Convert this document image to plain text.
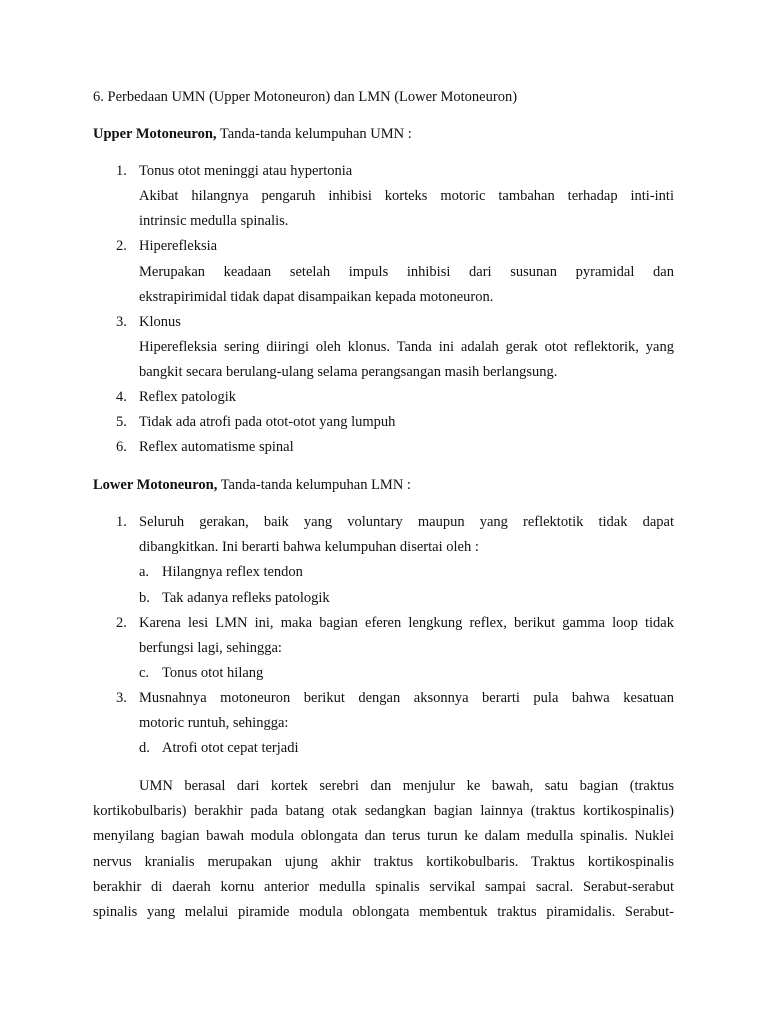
6. Perbedaan UMN (Upper Motoneuron) dan LMN (Lower Motoneuron)
Upper Motoneuron, Tanda-tanda kelumpuhan UMN :
1. Tonus otot meninggi atau hypertonia
Akibat hilangnya pengaruh inhibisi korteks motoric tambahan terhadap inti-inti
intrinsic medulla spinalis.
2. Hiperefleksia
Merupakan keadaan setelah impuls inhibisi dari susunan pyramidal dan
ekstrapirimidal tidak dapat disampaikan kepada motoneuron.
3. Klonus
Hiperefleksia sering diiringi oleh klonus. Tanda ini adalah gerak otot reflektorik, yang
bangkit secara berulang-ulang selama perangsangan masih berlangsung.
4. Reflex patologik
5. Tidak ada atrofi pada otot-otot yang lumpuh
6. Reflex automatisme spinal
Lower Motoneuron, Tanda-tanda kelumpuhan LMN :
1. Seluruh gerakan, baik yang voluntary maupun yang reflektotik tidak dapat
dibangkitkan. Ini berarti bahwa kelumpuhan disertai oleh :
a. Hilangnya reflex tendon
b. Tak adanya refleks patologik
2. Karena lesi LMN ini, maka bagian eferen lengkung reflex, berikut gamma loop tidak
berfungsi lagi, sehingga:
c. Tonus otot hilang
3. Musnahnya motoneuron berikut dengan aksonnya berarti pula bahwa kesatuan
motoric runtuh, sehingga:
d. Atrofi otot cepat terjadi
UMN berasal dari kortek serebri dan menjulur ke bawah, satu bagian (traktus
kortikobulbaris) berakhir pada batang otak sedangkan bagian lainnya (traktus kortikospinalis)
menyilang bagian bawah modula oblongata dan terus turun ke dalam medulla spinalis. Nuklei
nervus kranialis merupakan ujung akhir traktus kortikobulbaris. Traktus kortikospinalis
berakhir di daerah kornu anterior medulla spinalis servikal sampai sacral. Serabut-serabut
spinalis yang melalui piramide modula oblongata membentuk traktus piramidalis. Serabut-
